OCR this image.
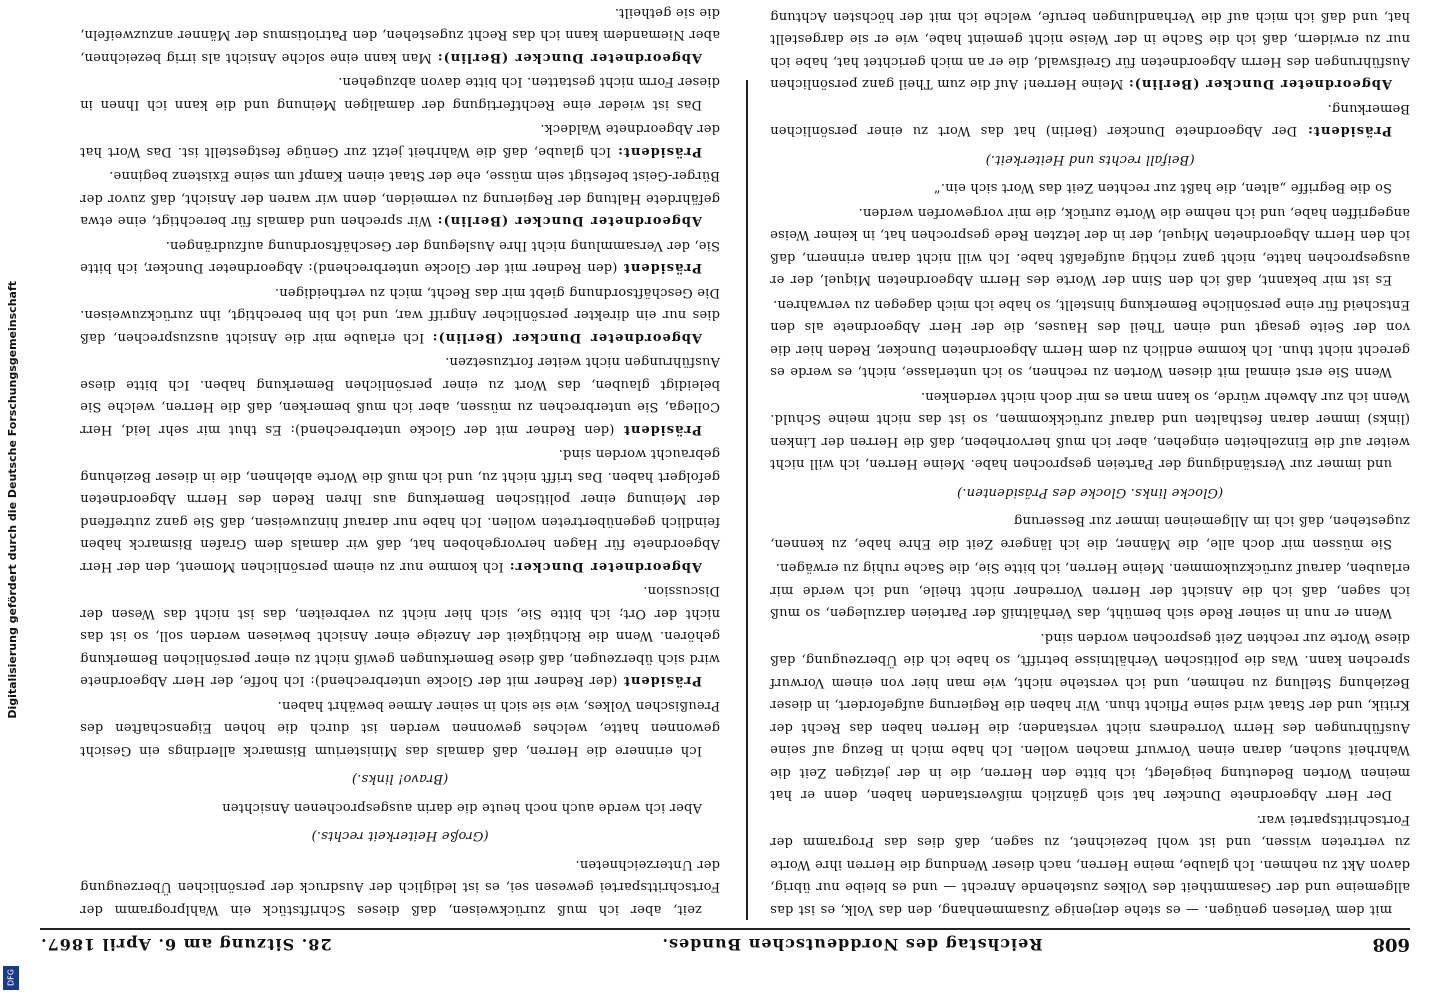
608
Reichstag des Norddeutschen Bundes.
28. Sitzung am 6. April 1867.

mit dem Verlesen genügen. — es stehe derjenige Zusammenhang, den das Volk, es ist das allgemeine und der Gesammtheit des Volkes zustehende Anrecht — und es bleibe nur übrig, davon Akt zu nehmen. Ich glaube, meine Herren, nach dieser Wendung die Herren ihre Worte zu vertreten wissen, und ist wohl bezeichnet, zu sagen, daß dies das Programm der Fortschrittspartei war.

Der Herr Abgeordnete Duncker hat sich gänzlich mißverstanden haben, denn er hat meinen Worten Bedeutung beigelegt, ich bitte den Herren, die in der jetzigen Zeit die Wahrheit suchen, daran einen Vorwurf machen wollen. Ich habe mich in Bezug auf seine Ausführungen des Herrn Vorredners nicht verstanden; die Herren haben das Recht der Kritik, und der Staat wird seine Pflicht thun. Wir haben die Regierung aufgefordert, in dieser Beziehung Stellung zu nehmen, und ich verstehe nicht, wie man hier von einem Vorwurf sprechen kann. Was die politischen Verhältnisse betrifft, so habe ich die Überzeugung, daß diese Worte zur rechten Zeit gesprochen worden sind.

Wenn er nun in seiner Rede sich bemüht, das Verhältniß der Parteien darzulegen, so muß ich sagen, daß ich die Ansicht der Herren Vorredner nicht theile, und ich werde mir erlauben, darauf zurückzukommen. Meine Herren, ich bitte Sie, die Sache ruhig zu erwägen.

Sie müssen mir doch alle, die Männer, die ich längere Zeit die Ehre habe, zu kennen, zugestehen, daß ich im Allgemeinen immer zur Besserung

(Glocke links. Glocke des Präsidenten.)

und immer zur Verständigung der Parteien gesprochen habe. Meine Herren, ich will nicht weiter auf die Einzelheiten eingehen, aber ich muß hervorheben, daß die Herren der Linken (links) immer daran festhalten und darauf zurückkommen, so ist das nicht meine Schuld. Wenn ich zur Abwehr würde, so kann man es mir doch nicht verdenken.

Wenn Sie erst einmal mit diesen Worten zu rechnen, so ich unterlasse, nicht, es werde es gerecht nicht thun. Ich komme endlich zu dem Herrn Abgeordneten Duncker, Reden hier die von der Seite gesagt und einen Theil des Hauses, die der Herr Abgeordnete als den Entscheid für eine persönliche Bemerkung hinstellt, so habe ich mich dagegen zu verwahren.

Es ist mir bekannt, daß ich den Sinn der Worte des Herrn Abgeordneten Miquel, der er ausgesprochen hatte, nicht ganz richtig aufgefaßt habe. Ich will nicht daran erinnern, daß ich den Herrn Abgeordneten Miquel, der in der letzten Rede gesprochen hat, in keiner Weise angegriffen habe, und ich nehme die Worte zurück, die mir vorgeworfen werden.

So die Begriffe „alten, die haßt zur rechten Zeit das Wort sich ein.“

(Beifall rechts und Heiterkeit.)

Präsident: Der Abgeordnete Duncker (Berlin) hat das Wort zu einer persönlichen Bemerkung.

Abgeordneter Duncker (Berlin): Meine Herren! Auf die zum Theil ganz persönlichen Ausführungen des Herrn Abgeordneten für Greifswald, die er an mich gerichtet hat, habe ich nur zu erwidern, daß ich die Sache in der Weise nicht gemeint habe, wie er sie dargestellt hat, und daß ich mich auf die Verhandlungen berufe, welche ich mit der höchsten Achtung

zeit, aber ich muß zurückweisen, daß dieses Schriftstück ein Wahlprogramm der Fortschrittspartei gewesen sei, es ist lediglich der Ausdruck der persönlichen Überzeugung der Unterzeichneten.

(Große Heiterkeit rechts.)

Aber ich werde auch noch heute die darin ausgesprochenen Ansichten

(Bravo! links.)

Ich erinnere die Herren, daß damals das Ministerium Bismarck allerdings ein Gesicht gewonnen hatte, welches gewonnen werden ist durch die hohen Eigenschaften des Preußischen Volkes, wie sie sich in seiner Armee bewährt haben.

Präsident (der Redner mit der Glocke unterbrechend): Ich hoffe, der Herr Abgeordnete wird sich überzeugen, daß diese Bemerkungen gewiß nicht zu einer persönlichen Bemerkung gehören. Wenn die Richtigkeit der Anzeige einer Ansicht bewiesen werden soll, so ist das nicht der Ort; ich bitte Sie, sich hier nicht zu verbreiten, das ist nicht das Wesen der Discussion.

Abgeordneter Duncker: Ich komme nur zu einem persönlichen Moment, den der Herr Abgeordnete für Hagen hervorgehoben hat, daß wir damals dem Grafen Bismarck haben feindlich gegenübertreten wollen. Ich habe nur darauf hinzuweisen, daß Sie ganz zutreffend der Meinung einer politischen Bemerkung aus Ihren Reden des Herrn Abgeordneten gefolgert haben. Das trifft nicht zu, und ich muß die Worte ablehnen, die in dieser Beziehung gebraucht worden sind.

Präsident (den Redner mit der Glocke unterbrechend): Es thut mir sehr leid, Herr Collega, Sie unterbrechen zu müssen, aber ich muß bemerken, daß die Herren, welche Sie beleidigt glauben, das Wort zu einer persönlichen Bemerkung haben. Ich bitte diese Ausführungen nicht weiter fortzusetzen.

Abgeordneter Duncker (Berlin): Ich erlaube mir die Ansicht auszusprechen, daß dies nur ein direkter persönlicher Angriff war, und ich bin berechtigt, ihn zurückzuweisen. Die Geschäftsordnung giebt mir das Recht, mich zu vertheidigen.

Präsident (den Redner mit der Glocke unterbrechend): Abgeordneter Duncker, ich bitte Sie, der Versammlung nicht Ihre Auslegung der Geschäftsordnung aufzudrängen.

Abgeordneter Duncker (Berlin): Wir sprechen und damals für berechtigt, eine etwa gefährdete Haltung der Regierung zu vermeiden, denn wir waren der Ansicht, daß zuvor der Bürger-Geist befestigt sein müsse, ehe der Staat einen Kampf um seine Existenz beginne.

Präsident: Ich glaube, daß die Wahrheit jetzt zur Genüge festgestellt ist. Das Wort hat der Abgeordnete Waldeck.

Das ist wieder eine Rechtfertigung der damaligen Meinung und die kann ich Ihnen in dieser Form nicht gestatten. Ich bitte davon abzugehen.

Abgeordneter Duncker (Berlin): Man kann eine solche Ansicht als irrig bezeichnen, aber Niemandem kann ich das Recht zugestehen, den Patriotismus der Männer anzuzweifeln, die sie getheilt.

Digitalisierung gefördert durch die Deutsche Forschungsgemeinschaft
DFG
